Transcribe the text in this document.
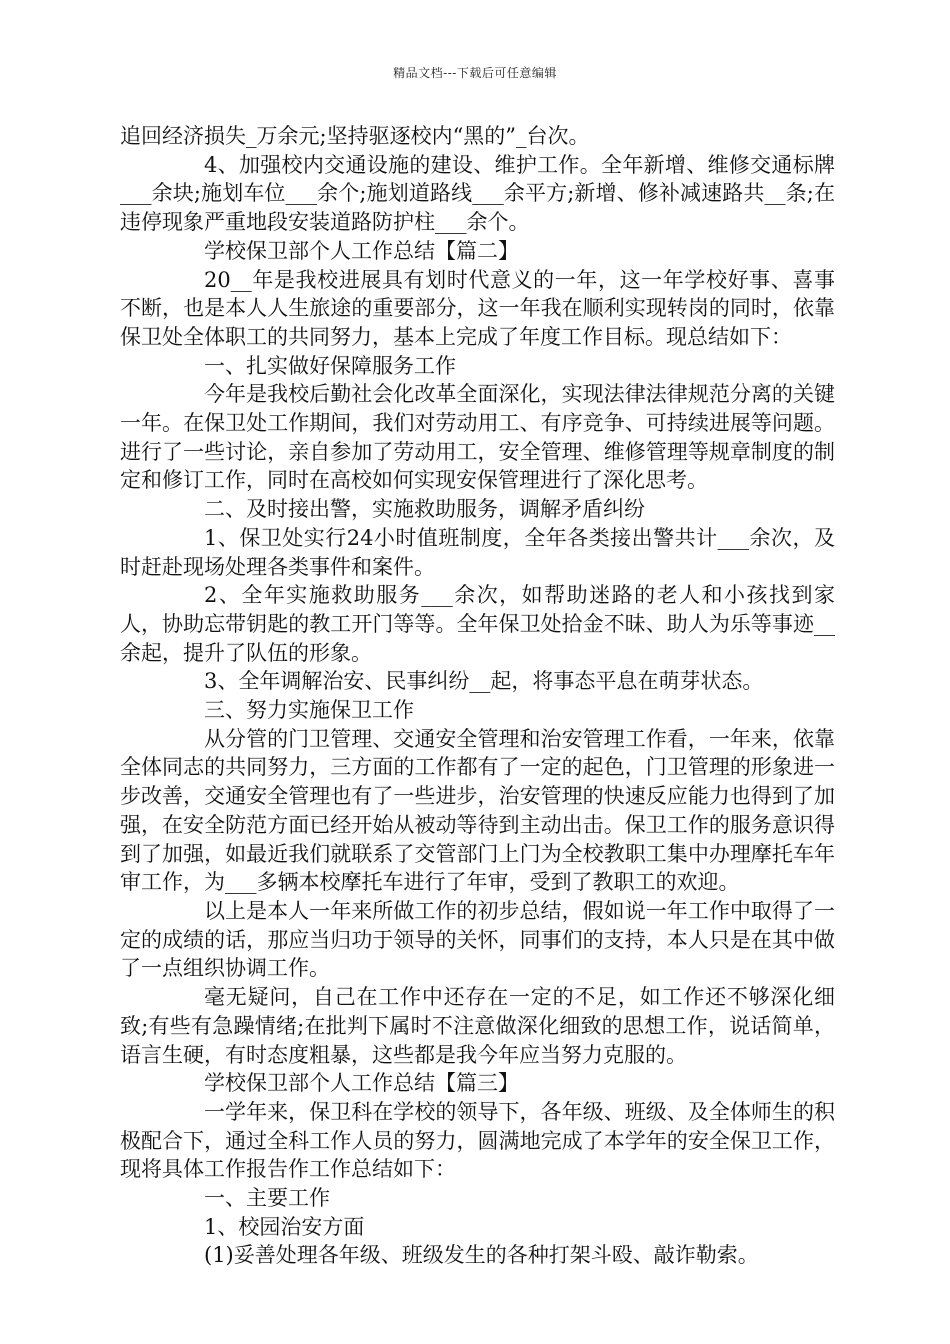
精品文档---下载后可任意编辑

追回经济损失_万余元;坚持驱逐校内“黑的”_台次。

4、加强校内交通设施的建设、维护工作。全年新增、维修交通标牌___余块;施划车位___余个;施划道路线___余平方;新增、修补减速路共__条;在违停现象严重地段安装道路防护柱___余个。

学校保卫部个人工作总结【篇二】

20__年是我校进展具有划时代意义的一年，这一年学校好事、喜事不断，也是本人人生旅途的重要部分，这一年我在顺利实现转岗的同时，依靠保卫处全体职工的共同努力，基本上完成了年度工作目标。现总结如下：

一、扎实做好保障服务工作

今年是我校后勤社会化改革全面深化，实现法律法律规范分离的关键一年。在保卫处工作期间，我们对劳动用工、有序竞争、可持续进展等问题。进行了一些讨论，亲自参加了劳动用工，安全管理、维修管理等规章制度的制定和修订工作，同时在高校如何实现安保管理进行了深化思考。

二、及时接出警，实施救助服务，调解矛盾纠纷

1、保卫处实行24小时值班制度，全年各类接出警共计___余次，及时赶赴现场处理各类事件和案件。

2、全年实施救助服务___余次，如帮助迷路的老人和小孩找到家人，协助忘带钥匙的教工开门等等。全年保卫处拾金不昧、助人为乐等事迹__余起，提升了队伍的形象。

3、全年调解治安、民事纠纷__起，将事态平息在萌芽状态。

三、努力实施保卫工作

从分管的门卫管理、交通安全管理和治安管理工作看，一年来，依靠全体同志的共同努力，三方面的工作都有了一定的起色，门卫管理的形象进一步改善，交通安全管理也有了一些进步，治安管理的快速反应能力也得到了加强，在安全防范方面已经开始从被动等待到主动出击。保卫工作的服务意识得到了加强，如最近我们就联系了交管部门上门为全校教职工集中办理摩托车年审工作，为___多辆本校摩托车进行了年审，受到了教职工的欢迎。

以上是本人一年来所做工作的初步总结，假如说一年工作中取得了一定的成绩的话，那应当归功于领导的关怀，同事们的支持，本人只是在其中做了一点组织协调工作。

毫无疑问，自己在工作中还存在一定的不足，如工作还不够深化细致;有些有急躁情绪;在批判下属时不注意做深化细致的思想工作，说话简单，语言生硬，有时态度粗暴，这些都是我今年应当努力克服的。

学校保卫部个人工作总结【篇三】

一学年来，保卫科在学校的领导下，各年级、班级、及全体师生的积极配合下，通过全科工作人员的努力，圆满地完成了本学年的安全保卫工作，现将具体工作报告作工作总结如下：

一、主要工作

1、校园治安方面

(1)妥善处理各年级、班级发生的各种打架斗殴、敲诈勒索。
